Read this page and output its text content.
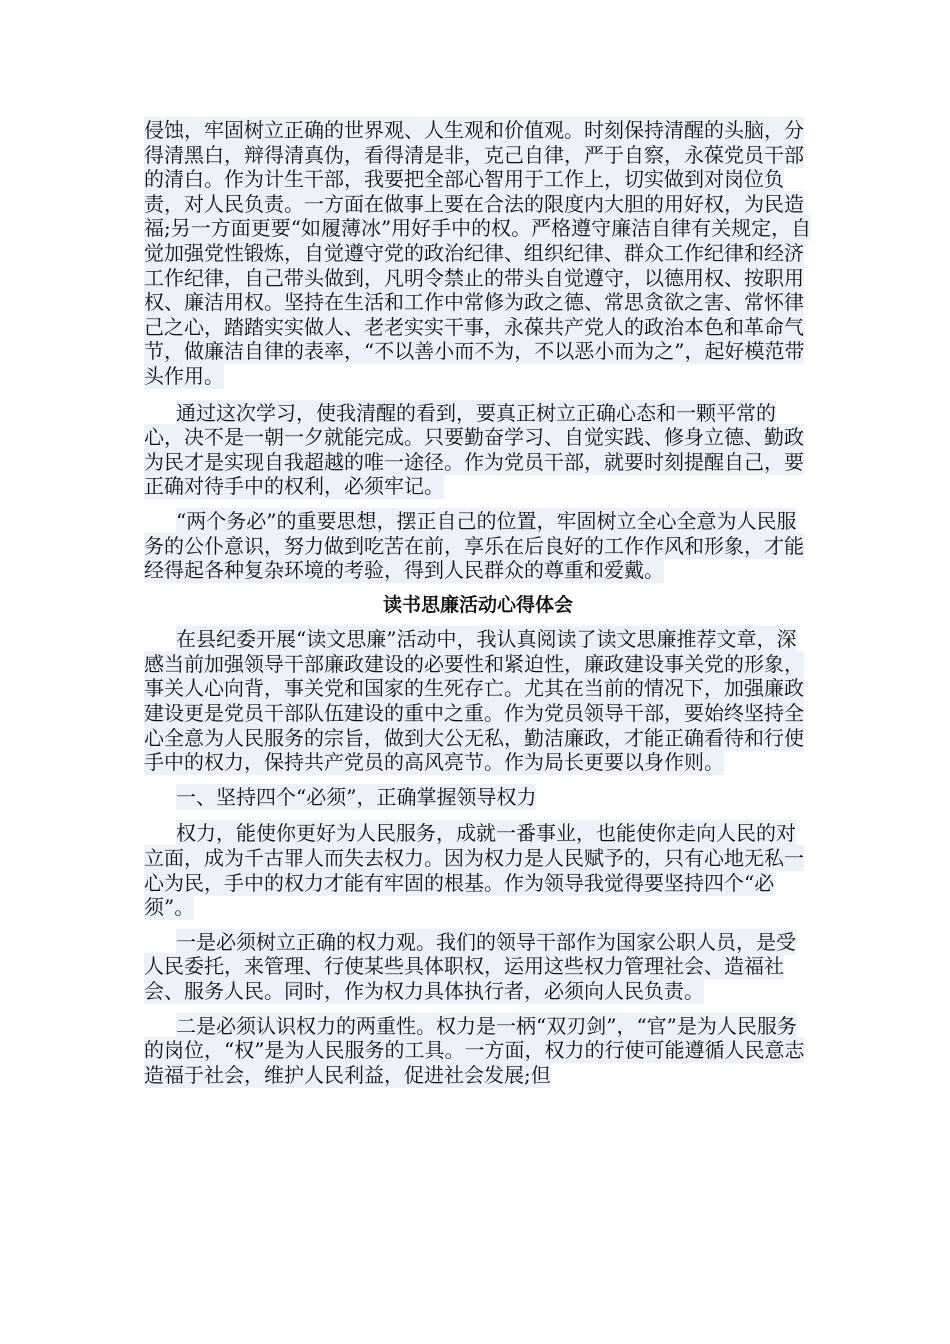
侵蚀，牢固树立正确的世界观、人生观和价值观。时刻保持清醒的头脑，分得清黑白，辩得清真伪，看得清是非，克己自律，严于自察，永葆党员干部的清白。作为计生干部，我要把全部心智用于工作上，切实做到对岗位负责，对人民负责。一方面在做事上要在合法的限度内大胆的用好权，为民造福;另一方面更要“如履薄冰”用好手中的权。严格遵守廉洁自律有关规定，自觉加强党性锻炼，自觉遵守党的政治纪律、组织纪律、群众工作纪律和经济工作纪律，自己带头做到，凡明令禁止的带头自觉遵守，以德用权、按职用权、廉洁用权。坚持在生活和工作中常修为政之德、常思贪欲之害、常怀律己之心，踏踏实实做人、老老实实干事，永葆共产党人的政治本色和革命气节，做廉洁自律的表率，“不以善小而不为，不以恶小而为之”，起好模范带头作用。

通过这次学习，使我清醒的看到，要真正树立正确心态和一颗平常的心，决不是一朝一夕就能完成。只要勤奋学习、自觉实践、修身立德、勤政为民才是实现自我超越的唯一途径。作为党员干部，就要时刻提醒自己，要正确对待手中的权利，必须牢记。

“两个务必”的重要思想，摆正自己的位置，牢固树立全心全意为人民服务的公仆意识，努力做到吃苦在前，享乐在后良好的工作作风和形象，才能经得起各种复杂环境的考验，得到人民群众的尊重和爱戴。

读书思廉活动心得体会

在县纪委开展“读文思廉”活动中，我认真阅读了读文思廉推荐文章，深感当前加强领导干部廉政建设的必要性和紧迫性，廉政建设事关党的形象，事关人心向背，事关党和国家的生死存亡。尤其在当前的情况下，加强廉政建设更是党员干部队伍建设的重中之重。作为党员领导干部，要始终坚持全心全意为人民服务的宗旨，做到大公无私，勤洁廉政，才能正确看待和行使手中的权力，保持共产党员的高风亮节。作为局长更要以身作则。

一、坚持四个“必须”，正确掌握领导权力

权力，能使你更好为人民服务，成就一番事业，也能使你走向人民的对立面，成为千古罪人而失去权力。因为权力是人民赋予的，只有心地无私一心为民，手中的权力才能有牢固的根基。作为领导我觉得要坚持四个“必须”。

一是必须树立正确的权力观。我们的领导干部作为国家公职人员，是受人民委托，来管理、行使某些具体职权，运用这些权力管理社会、造福社会、服务人民。同时，作为权力具体执行者，必须向人民负责。

二是必须认识权力的两重性。权力是一柄“双刃剑”，“官”是为人民服务的岗位，“权”是为人民服务的工具。一方面，权力的行使可能遵循人民意志造福于社会，维护人民利益，促进社会发展;但
